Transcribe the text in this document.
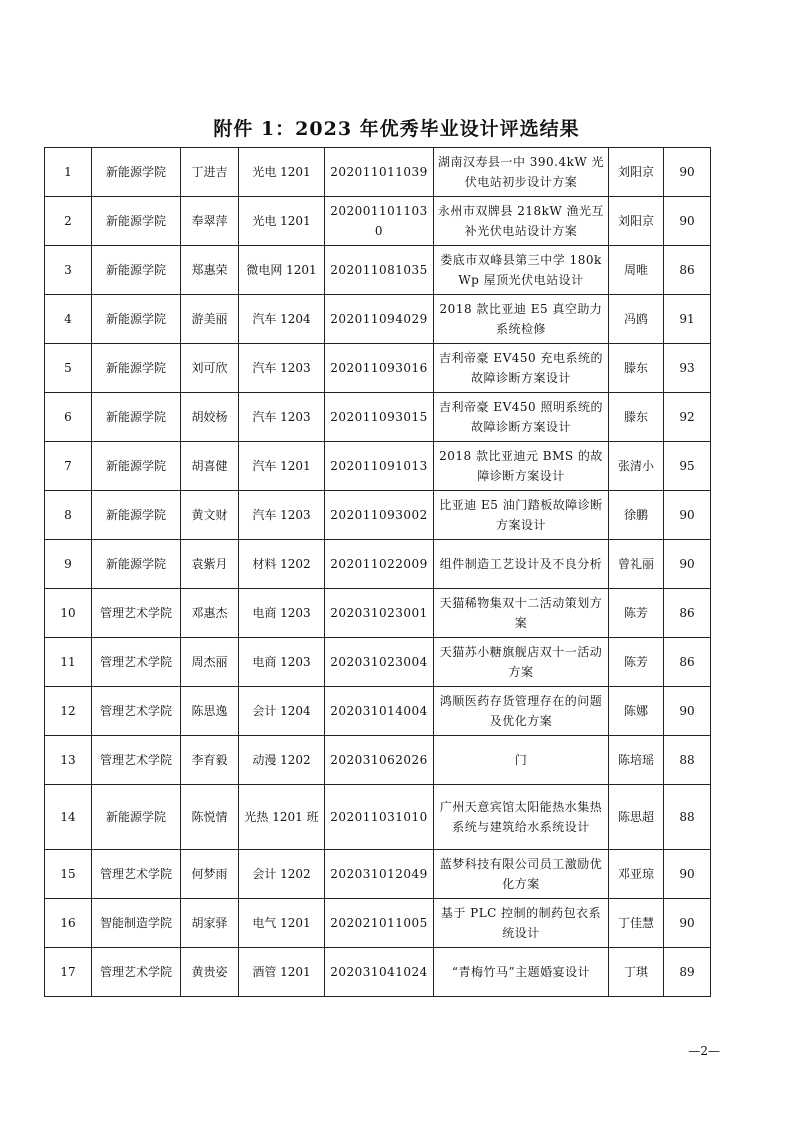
附件 1：2023 年优秀毕业设计评选结果
1	新能源学院	丁进吉	光电 1201	202011011039	湖南汉寿县一中 390.4kW 光伏电站初步设计方案	刘阳京	90
2	新能源学院	奉翠萍	光电 1201	2020011011030	永州市双牌县 218kW 渔光互补光伏电站设计方案	刘阳京	90
3	新能源学院	郑惠荣	微电网 1201	202011081035	娄底市双峰县第三中学 180kWp 屋顶光伏电站设计	周唯	86
4	新能源学院	游美丽	汽车 1204	202011094029	2018 款比亚迪 E5 真空助力系统检修	冯鸥	91
5	新能源学院	刘可欣	汽车 1203	202011093016	吉利帝豪 EV450 充电系统的故障诊断方案设计	滕东	93
6	新能源学院	胡姣杨	汽车 1203	202011093015	吉利帝豪 EV450 照明系统的故障诊断方案设计	滕东	92
7	新能源学院	胡喜健	汽车 1201	202011091013	2018 款比亚迪元 BMS 的故障诊断方案设计	张清小	95
8	新能源学院	黄文财	汽车 1203	202011093002	比亚迪 E5 油门踏板故障诊断方案设计	徐鹏	90
9	新能源学院	袁紫月	材料 1202	202011022009	组件制造工艺设计及不良分析	曾礼丽	90
10	管理艺术学院	邓惠杰	电商 1203	202031023001	天猫稀物集双十二活动策划方案	陈芳	86
11	管理艺术学院	周杰丽	电商 1203	202031023004	天猫苏小糖旗舰店双十一活动方案	陈芳	86
12	管理艺术学院	陈思逸	会计 1204	202031014004	鸿顺医药存货管理存在的问题及优化方案	陈娜	90
13	管理艺术学院	李育毅	动漫 1202	202031062026	门	陈培瑶	88
14	新能源学院	陈悦情	光热 1201 班	202011031010	广州天意宾馆太阳能热水集热系统与建筑给水系统设计	陈思超	88
15	管理艺术学院	何梦雨	会计 1202	202031012049	蓝梦科技有限公司员工激励优化方案	邓亚琼	90
16	智能制造学院	胡家驿	电气 1201	202021011005	基于 PLC 控制的制药包衣系统设计	丁佳慧	90
17	管理艺术学院	黄贵姿	酒管 1201	202031041024	“青梅竹马”主题婚宴设计	丁琪	89
—2—
